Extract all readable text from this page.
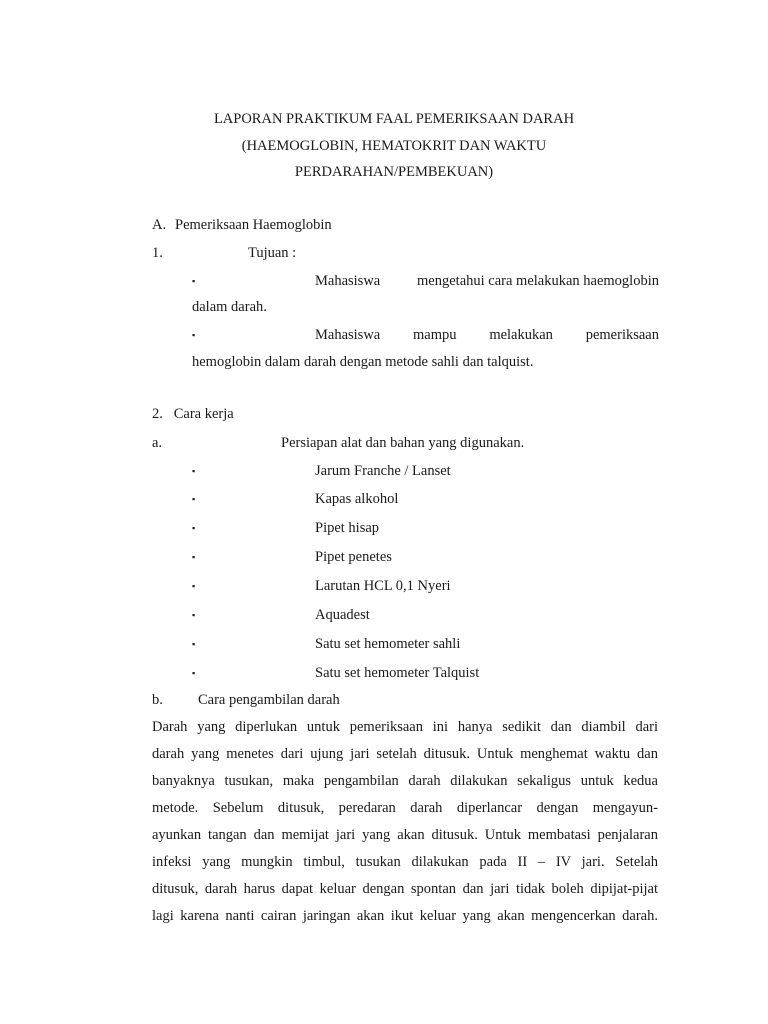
LAPORAN PRAKTIKUM FAAL PEMERIKSAAN DARAH
(HAEMOGLOBIN, HEMATOKRIT DAN WAKTU
PERDARAHAN/PEMBEKUAN)
A. Pemeriksaan Haemoglobin
1.	Tujuan :
▪	Mahasiswa	mengetahui cara melakukan haemoglobin
dalam darah.
▪	Mahasiswa mampu melakukan pemeriksaan
hemoglobin dalam darah dengan metode sahli dan talquist.
2.   Cara kerja
a.	Persiapan alat dan bahan yang digunakan.
▪	Jarum Franche / Lanset
▪	Kapas alkohol
▪	Pipet hisap
▪	Pipet penetes
▪	Larutan HCL 0,1 Nyeri
▪	Aquadest
▪	Satu set hemometer sahli
▪	Satu set hemometer Talquist
b. Cara pengambilan darah
Darah yang diperlukan untuk pemeriksaan ini hanya sedikit dan diambil dari
darah yang menetes dari ujung jari setelah ditusuk. Untuk menghemat waktu dan
banyaknya tusukan, maka pengambilan darah dilakukan sekaligus untuk kedua
metode. Sebelum ditusuk, peredaran darah diperlancar dengan mengayun-
ayunkan tangan dan memijat jari yang akan ditusuk. Untuk membatasi penjalaran
infeksi yang mungkin timbul, tusukan dilakukan pada II – IV jari. Setelah
ditusuk, darah harus dapat keluar dengan spontan dan jari tidak boleh dipijat-pijat
lagi karena nanti cairan jaringan akan ikut keluar yang akan mengencerkan darah.
